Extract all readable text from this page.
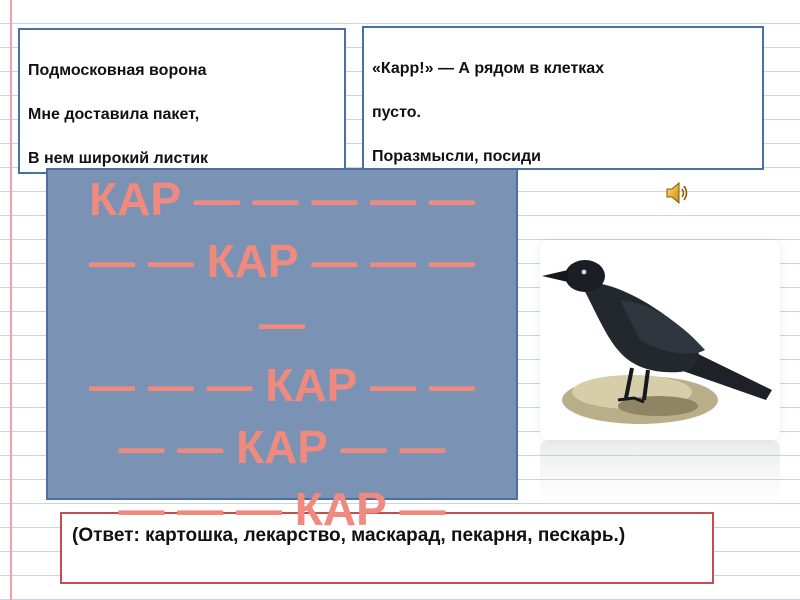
Подмосковная ворона

Мне доставила пакет,

В нем широкий листик

«Карр!» — А рядом в клетках

пусто.

Поразмысли, посиди

(Ответ: картошка, лекарство, маскарад, пекарня, пескарь.)
КАР — — — — —
— — КАР — — —
—
— — — КАР — —
— — КАР — —
— — — КАР —
